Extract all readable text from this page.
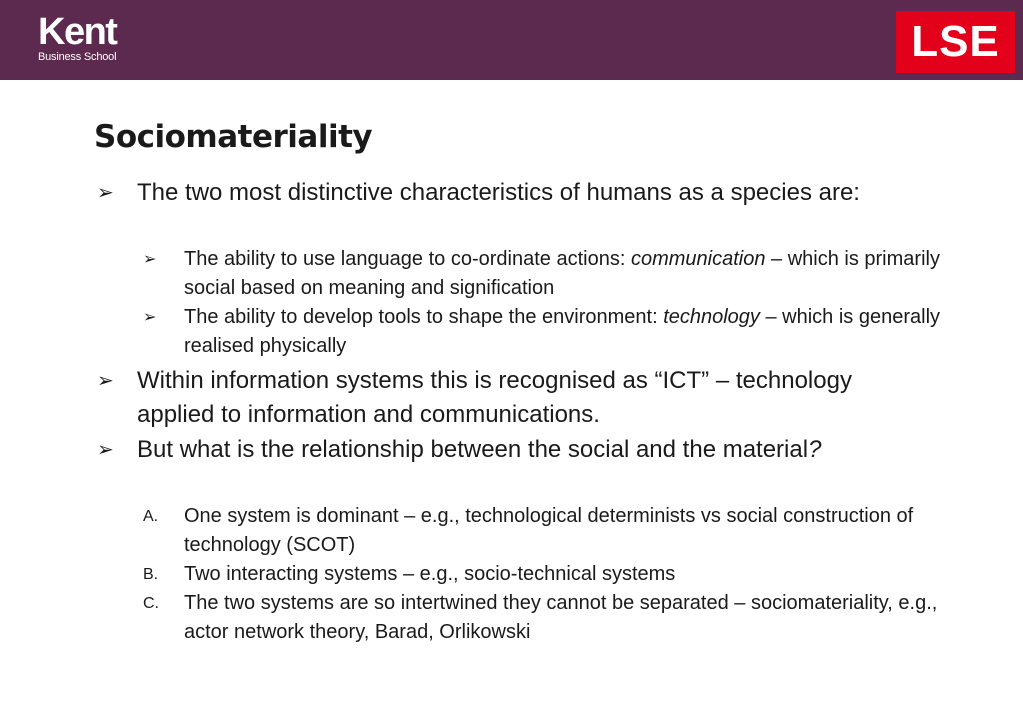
Kent
Business School	LSE
Sociomateriality
➢ The two most distinctive characteristics of humans as a species are:
➢ The ability to use language to co-ordinate actions: communication – which is primarily social based on meaning and signification
➢ The ability to develop tools to shape the environment: technology – which is generally realised physically
➢ Within information systems this is recognised as “ICT” – technology applied to information and communications.
➢ But what is the relationship between the social and the material?
A. One system is dominant – e.g., technological determinists vs social construction of technology (SCOT)
B. Two interacting systems – e.g., socio-technical systems
C. The two systems are so intertwined they cannot be separated – sociomateriality, e.g., actor network theory, Barad, Orlikowski
